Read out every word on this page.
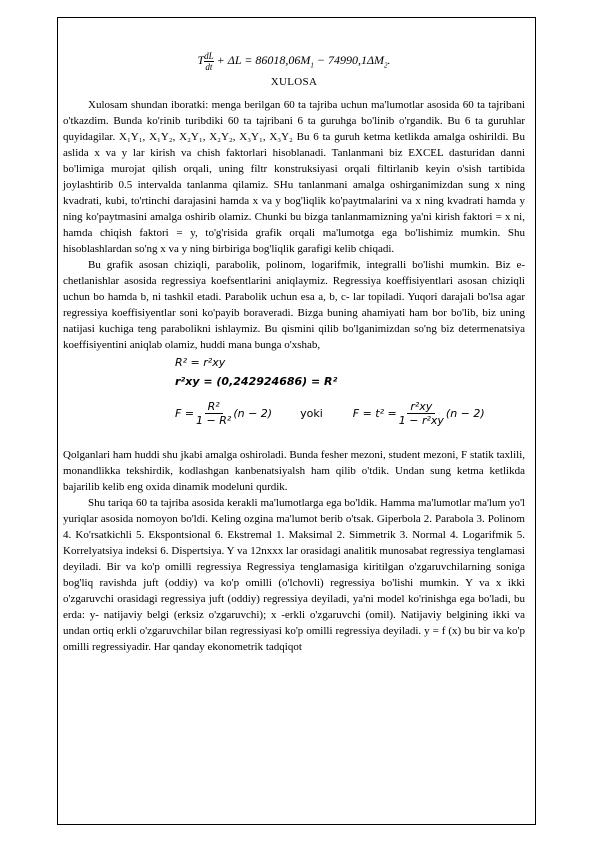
T $\frac{dL}{dt} + \Delta L = 86018,06M_1 - 74990,1\Delta M_2$.
XULOSA

Xulosam shundan iboratki: menga berilgan 60 ta tajriba uchun ma'lumotlar asosida 60 ta tajribani o'tkazdim. Bunda ko'rinib turibdiki 60 ta tajribani 6 ta guruhga bo'linib o'rgandik. Bu 6 ta guruhlar quyidagilar. X₁Y₁, X₁Y₂, X₂Y₁, X₂Y₂, X₃Y₁, X₃Y₂ Bu 6 ta guruh ketma ketlikda amalga oshirildi. Bu aslida x va y lar kirish va chish faktorlari hisoblanadi. Tanlanmani biz EXCEL dasturidan danni bo'limiga murojat qilish orqali, uning filtr konstruksiyasi orqali filtirlanib keyin o'sish tartibida joylashtirib 0.5 intervalda tanlanma qilamiz. SHu tanlanmani amalga oshirganimizdan sung x ning kvadrati, kubi, to'rtinchi darajasini hamda x va y bog'liqlik ko'paytmalarini va x ning kvadrati hamda y ning ko'paytmasini amalga oshirib olamiz. Chunki bu bizga tanlanmamizning ya'ni kirish faktori = x ni, hamda chiqish faktori = y, to'g'risida grafik orqali ma'lumotga ega bo'lishimiz mumkin. Shu hisoblashlardan so'ng x va y ning birbiriga bog'liqlik garafigi kelib chiqadi.

Bu grafik asosan chiziqli, parabolik, polinom, logarifmik, integralli bo'lishi mumkin. Biz e-chetlanishlar asosida regressiya koefsentlarini aniqlaymiz. Regressiya koeffisiyentlari asosan chiziqli uchun bo hamda b, ni tashkil etadi. Parabolik uchun esa a, b, c- lar topiladi. Yuqori darajali bo'lsa agar regressiya koeffisiyentlar soni ko'payib boraveradi. Bizga buning ahamiyati ham bor bo'lib, biz uning natijasi kuchiga teng parabolikni ishlaymiz. Bu qismini qilib bo'lganimizdan so'ng biz determenatsiya koeffisiyentini aniqlab olamiz, huddi mana bunga o'xshab,

R² = r²xy
r²xy = (0,242924686) = R²
$F = \frac{\text{R²}}{\text{1 − R²}} (n - 2)$	yoki	$F = t^2 = \frac{\text{r²xy}}{\text{1 − r²xy}} (n - 2)$

Qolganlari ham huddi shu jkabi amalga oshiroladi. Bunda fesher mezoni, student mezoni, F statik taxlili, monandlikka tekshirdik, kodlashgan kanbenatsiyalsh ham qilib o'tdik. Undan sung ketma ketlikda bajarilib kelib eng oxida dinamik modeluni qurdik.

Shu tariqa 60 ta tajriba asosida kerakli ma'lumotlarga ega bo'ldik. Hamma ma'lumotlar ma'lum yo'l yuriqlar asosida nomoyon bo'ldi. Keling ozgina ma'lumot berib o'tsak. Giperbola 2. Parabola 3. Polinom 4. Ko'rsatkichli 5. Ekspontsional 6. Ekstremal 1. Maksimal 2. Simmetrik 3. Normal 4. Logarifmik 5. Korrelyatsiya indeksi 6. Dispertsiya. Y va 12nxxx lar orasidagi analitik munosabat regressiya tenglamasi deyiladi. Bir va ko'p omilli regressiya Regressiya tenglamasiga kiritilgan o'zgaruvchilarning soniga bog'liq ravishda juft (oddiy) va ko'p omilli (o'lchovli) regressiya bo'lishi mumkin. Y va x ikki o'zgaruvchi orasidagi regressiya juft (oddiy) regressiya deyiladi, ya'ni model ko'rinishga ega bo'ladi, bu erda: y- natijaviy belgi (erksiz o'zgaruvchi); x -erkli o'zgaruvchi (omil). Natijaviy belgining ikki va undan ortiq erkli o'zgaruvchilar bilan regressiyasi ko'p omilli regressiya deyiladi. y = f (x) bu bir va ko'p omilli regressiyadir. Har qanday ekonometrik tadqiqot
